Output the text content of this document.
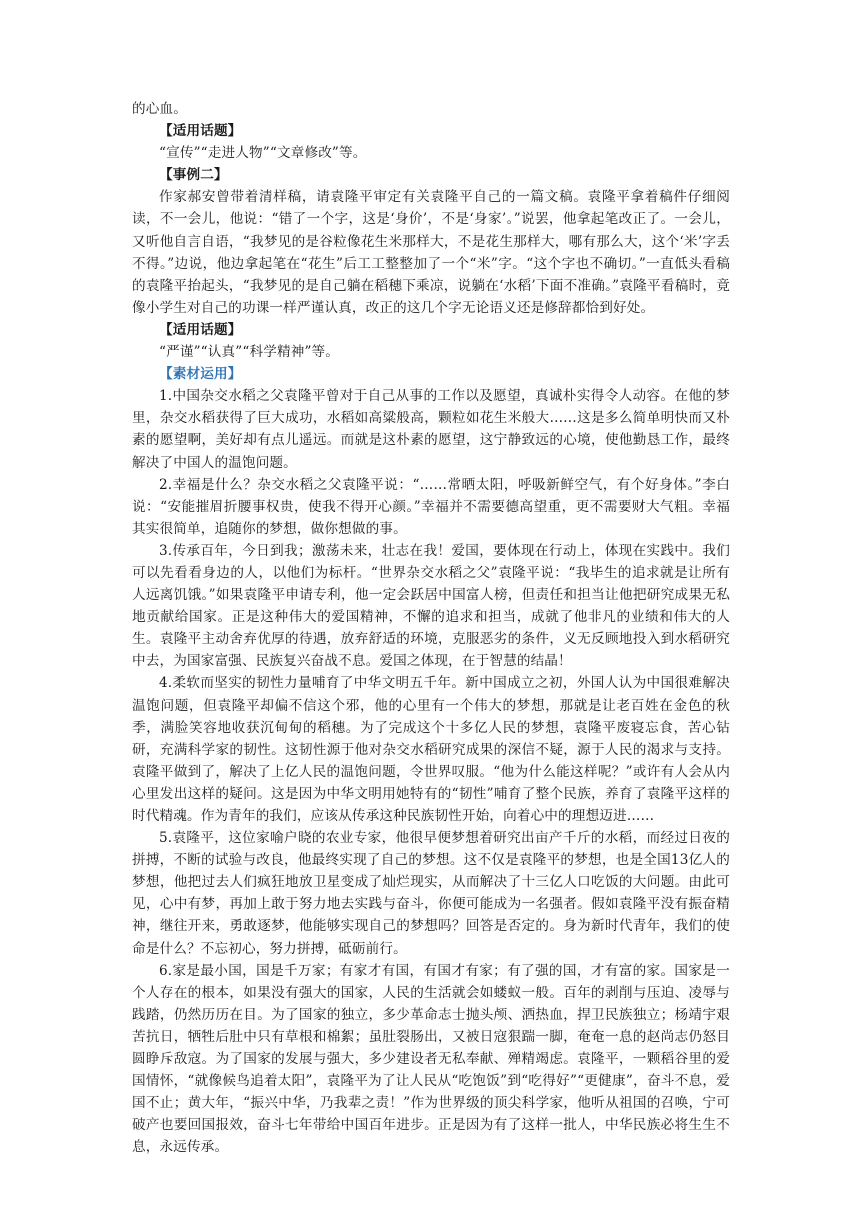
的心血。

【适用话题】

“宣传”“走进人物”“文章修改”等。

【事例二】

作家郝安曾带着清样稿，请袁隆平审定有关袁隆平自己的一篇文稿。袁隆平拿着稿件仔细阅读，不一会儿，他说：“错了一个字，这是‘身价’，不是‘身家’。”说罢，他拿起笔改正了。一会儿，又听他自言自语，“我梦见的是谷粒像花生米那样大，不是花生那样大，哪有那么大，这个‘米’字丢不得。”边说，他边拿起笔在“花生”后工工整整加了一个“米”字。“这个字也不确切。”一直低头看稿的袁隆平抬起头，“我梦见的是自己躺在稻穗下乘凉，说躺在‘水稻’下面不准确。”袁隆平看稿时，竟像小学生对自己的功课一样严谨认真，改正的这几个字无论语义还是修辞都恰到好处。

【适用话题】

“严谨”“认真”“科学精神”等。

【素材运用】

1.中国杂交水稻之父袁隆平曾对于自己从事的工作以及愿望，真诚朴实得令人动容。在他的梦里，杂交水稻获得了巨大成功，水稻如高粱般高，颗粒如花生米般大……这是多么简单明快而又朴素的愿望啊，美好却有点儿遥远。而就是这朴素的愿望，这宁静致远的心境，使他勤恳工作，最终解决了中国人的温饱问题。

2.幸福是什么？杂交水稻之父袁隆平说：“……常晒太阳，呼吸新鲜空气，有个好身体。”李白说：“安能摧眉折腰事权贵，使我不得开心颜。”幸福并不需要德高望重，更不需要财大气粗。幸福其实很简单，追随你的梦想，做你想做的事。

3.传承百年，今日到我；激荡未来，壮志在我！爱国，要体现在行动上，体现在实践中。我们可以先看看身边的人，以他们为标杆。“世界杂交水稻之父”袁隆平说：“我毕生的追求就是让所有人远离饥饿。”如果袁隆平申请专利，他一定会跃居中国富人榜，但责任和担当让他把研究成果无私地贡献给国家。正是这种伟大的爱国精神，不懈的追求和担当，成就了他非凡的业绩和伟大的人生。袁隆平主动舍弃优厚的待遇，放弃舒适的环境，克服恶劣的条件，义无反顾地投入到水稻研究中去，为国家富强、民族复兴奋战不息。爱国之体现，在于智慧的结晶！

4.柔软而坚实的韧性力量哺育了中华文明五千年。新中国成立之初，外国人认为中国很难解决温饱问题，但袁隆平却偏不信这个邪，他的心里有一个伟大的梦想，那就是让老百姓在金色的秋季，满脸笑容地收获沉甸甸的稻穗。为了完成这个十多亿人民的梦想，袁隆平废寝忘食，苦心钻研，充满科学家的韧性。这韧性源于他对杂交水稻研究成果的深信不疑，源于人民的渴求与支持。袁隆平做到了，解决了上亿人民的温饱问题，令世界叹服。“他为什么能这样呢？”或许有人会从内心里发出这样的疑问。这是因为中华文明用她特有的“韧性”哺育了整个民族，养育了袁隆平这样的时代精魂。作为青年的我们，应该从传承这种民族韧性开始，向着心中的理想迈进……

5.袁隆平，这位家喻户晓的农业专家，他很早便梦想着研究出亩产千斤的水稻，而经过日夜的拼搏，不断的试验与改良，他最终实现了自己的梦想。这不仅是袁隆平的梦想，也是全国13亿人的梦想，他把过去人们疯狂地放卫星变成了灿烂现实，从而解决了十三亿人口吃饭的大问题。由此可见，心中有梦，再加上敢于努力地去实践与奋斗，你便可能成为一名强者。假如袁隆平没有振奋精神，继往开来，勇敢逐梦，他能够实现自己的梦想吗？回答是否定的。身为新时代青年，我们的使命是什么？不忘初心，努力拼搏，砥砺前行。

6.家是最小国，国是千万家；有家才有国，有国才有家；有了强的国，才有富的家。国家是一个人存在的根本，如果没有强大的国家，人民的生活就会如蝼蚁一般。百年的剥削与压迫、凌辱与践踏，仍然历历在目。为了国家的独立，多少革命志士抛头颅、洒热血，捍卫民族独立；杨靖宇艰苦抗日，牺牲后肚中只有草根和棉絮；虽肚裂肠出，又被日寇狠踹一脚，奄奄一息的赵尚志仍怒目圆睁斥敌寇。为了国家的发展与强大，多少建设者无私奉献、殚精竭虑。袁隆平，一颗稻谷里的爱国情怀，“就像候鸟追着太阳”，袁隆平为了让人民从“吃饱饭”到“吃得好”“更健康”，奋斗不息，爱国不止；黄大年，“振兴中华，乃我辈之责！”作为世界级的顶尖科学家，他听从祖国的召唤，宁可破产也要回国报效，奋斗七年带给中国百年进步。正是因为有了这样一批人，中华民族必将生生不息，永远传承。
